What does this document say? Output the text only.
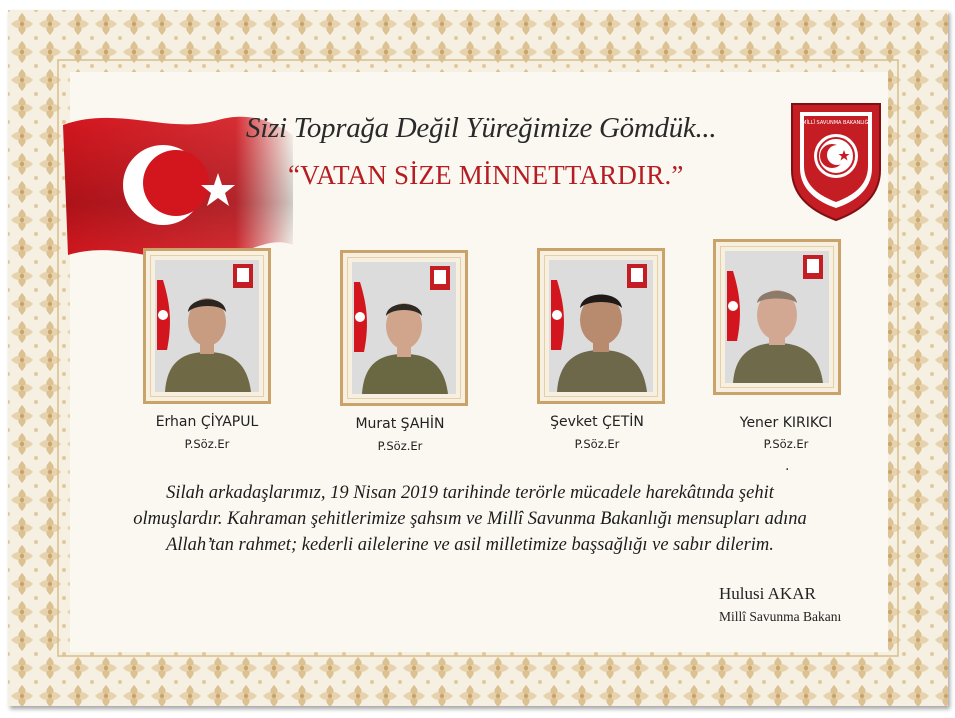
Sizi Toprağa Değil Yüreğimize Gömdük...
“VATAN SİZE MİNNETTARDIR.”
MİLLÎ SAVUNMA BAKANLIĞI
Erhan ÇİYAPUL
P.Söz.Er
Murat ŞAHİN
P.Söz.Er
Şevket ÇETİN
P.Söz.Er
Yener KIRIKCI
P.Söz.Er
.
Silah arkadaşlarımız, 19 Nisan 2019 tarihinde terörle mücadele harekâtında şehit olmuşlardır. Kahraman şehitlerimize şahsım ve Millî Savunma Bakanlığı mensupları adına Allah’tan rahmet; kederli ailelerine ve asil milletimize başsağlığı ve sabır dilerim.
Hulusi AKAR
Millî Savunma Bakanı
